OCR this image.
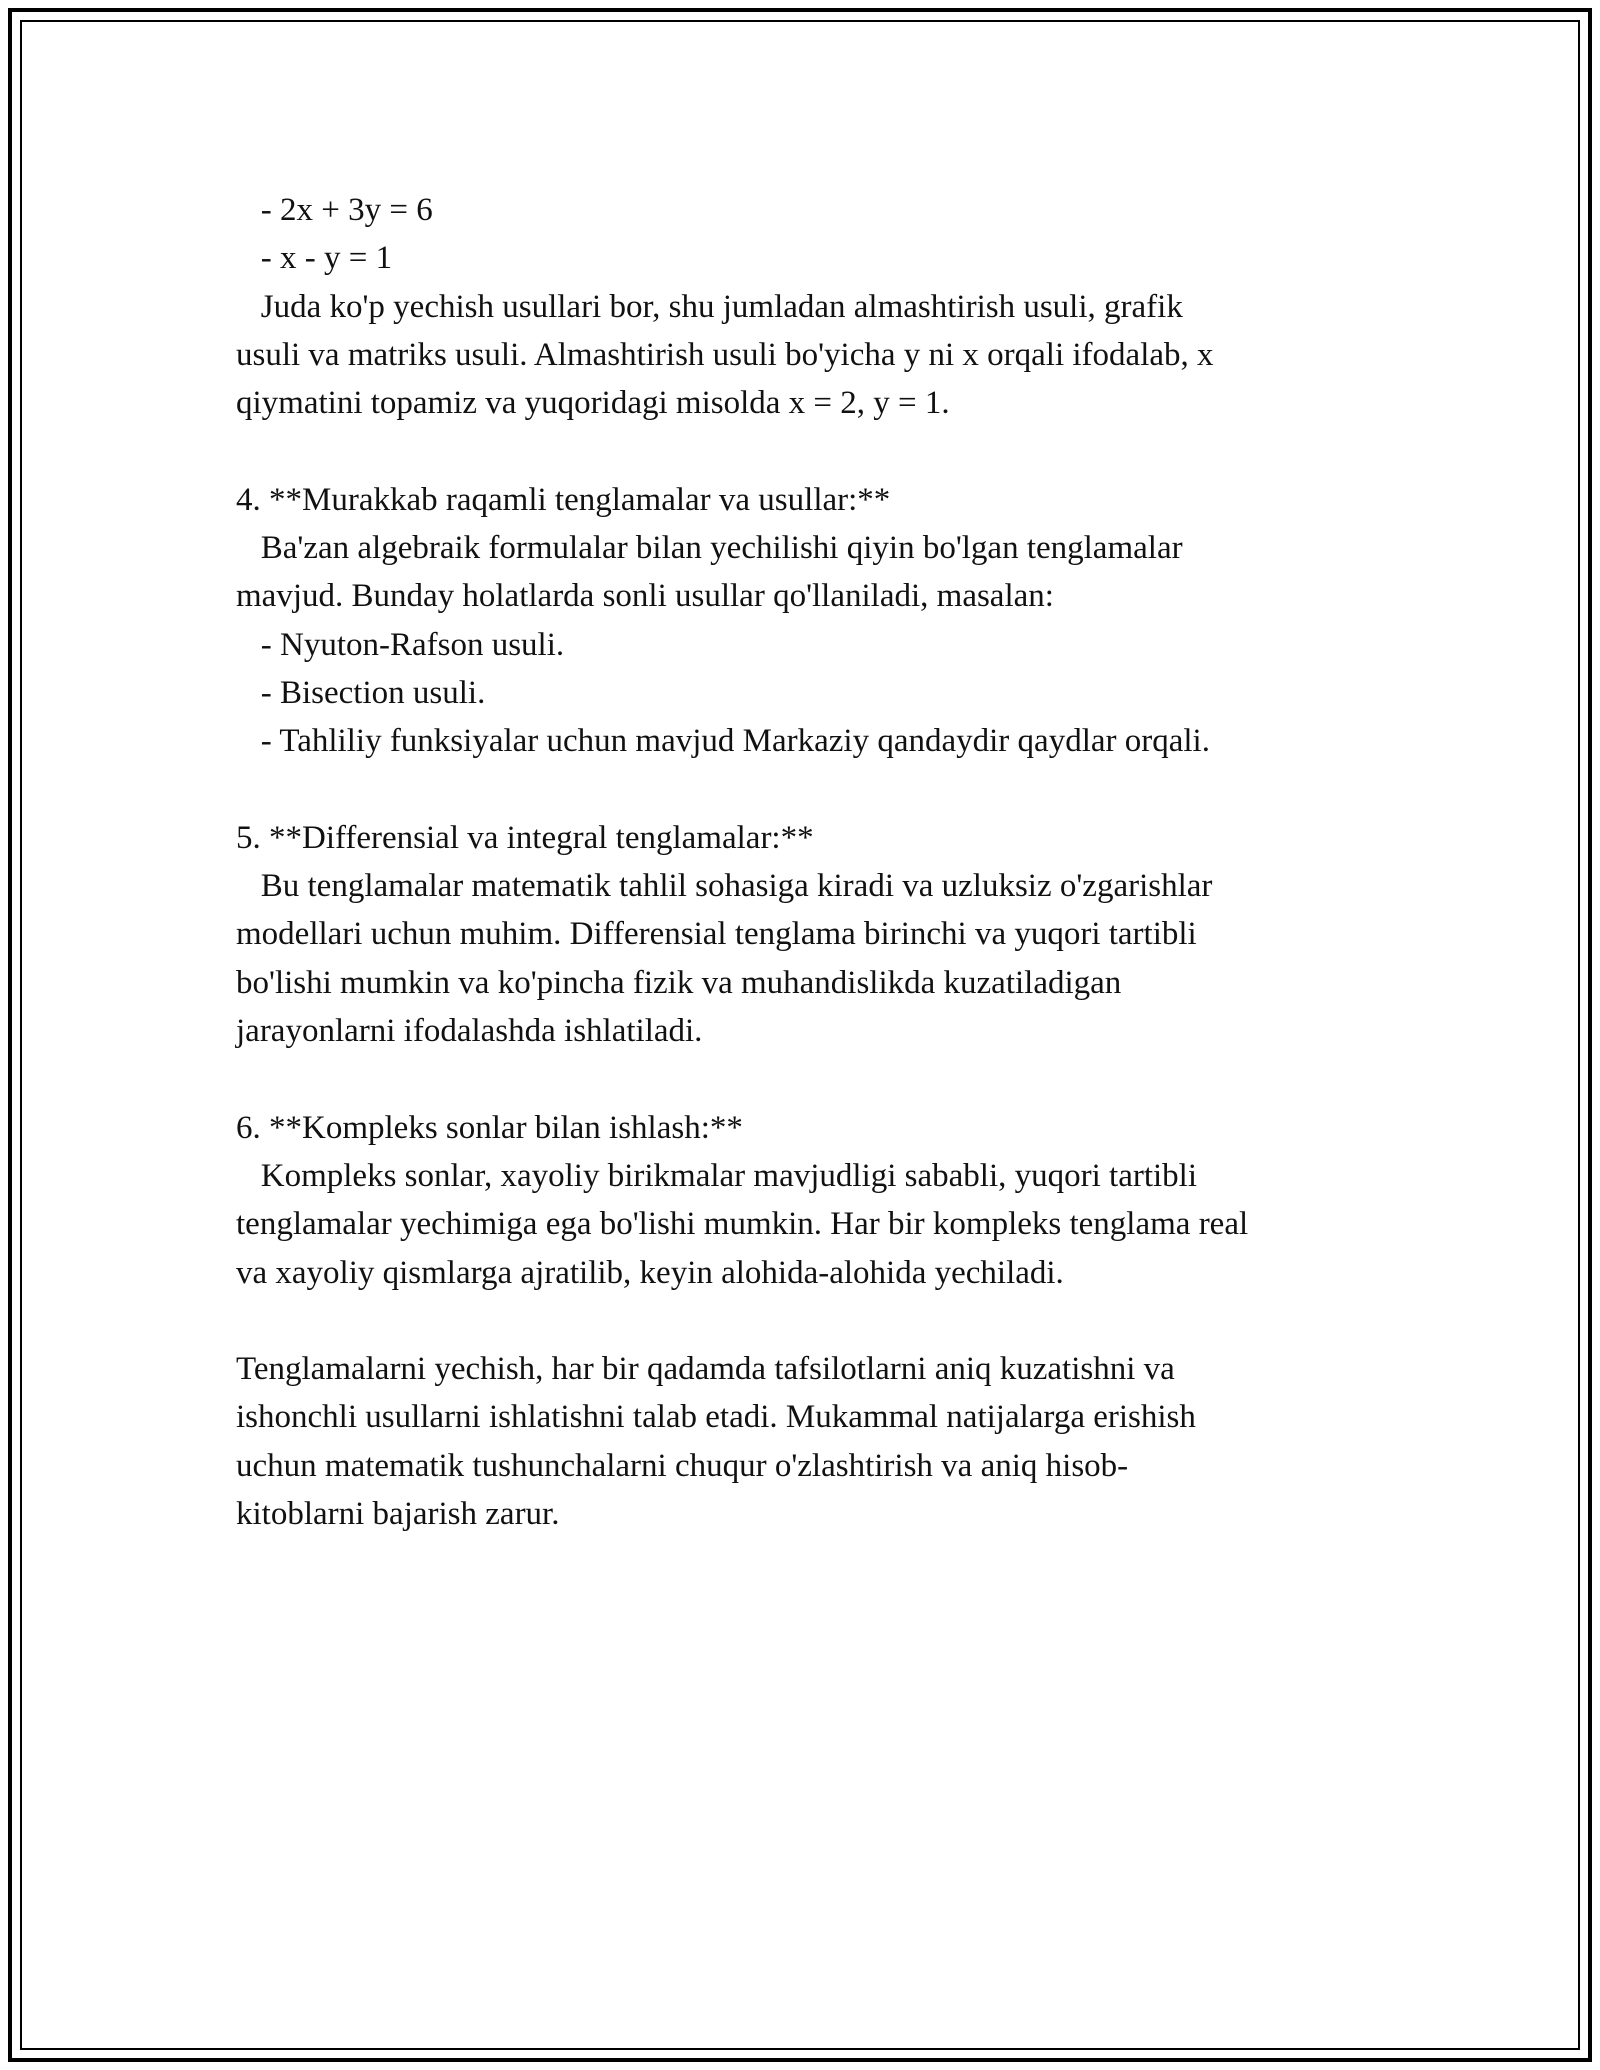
- 2x + 3y = 6
- x - y = 1
Juda ko'p yechish usullari bor, shu jumladan almashtirish usuli, grafik
usuli va matriks usuli. Almashtirish usuli bo'yicha y ni x orqali ifodalab, x
qiymatini topamiz va yuqoridagi misolda x = 2, y = 1.
4. **Murakkab raqamli tenglamalar va usullar:**
Ba'zan algebraik formulalar bilan yechilishi qiyin bo'lgan tenglamalar
mavjud. Bunday holatlarda sonli usullar qo'llaniladi, masalan:
- Nyuton-Rafson usuli.
- Bisection usuli.
- Tahliliy funksiyalar uchun mavjud Markaziy qandaydir qaydlar orqali.
5. **Differensial va integral tenglamalar:**
Bu tenglamalar matematik tahlil sohasiga kiradi va uzluksiz o'zgarishlar
modellari uchun muhim. Differensial tenglama birinchi va yuqori tartibli
bo'lishi mumkin va ko'pincha fizik va muhandislikda kuzatiladigan
jarayonlarni ifodalashda ishlatiladi.
6. **Kompleks sonlar bilan ishlash:**
Kompleks sonlar, xayoliy birikmalar mavjudligi sababli, yuqori tartibli
tenglamalar yechimiga ega bo'lishi mumkin. Har bir kompleks tenglama real
va xayoliy qismlarga ajratilib, keyin alohida-alohida yechiladi.
Tenglamalarni yechish, har bir qadamda tafsilotlarni aniq kuzatishni va
ishonchli usullarni ishlatishni talab etadi. Mukammal natijalarga erishish
uchun matematik tushunchalarni chuqur o'zlashtirish va aniq hisob-
kitoblarni bajarish zarur.
